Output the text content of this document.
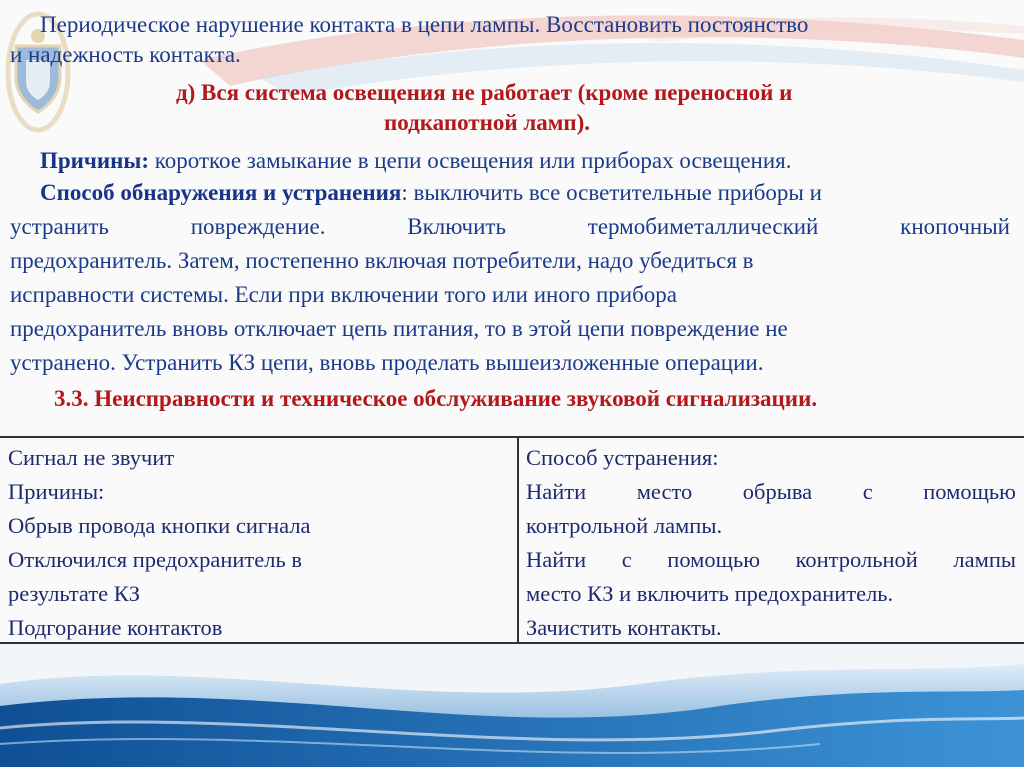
Периодическое нарушение контакта в цепи лампы. Восстановить постоянство
и надежность контакта.
д) Вся система освещения не работает (кроме переносной и
подкапотной ламп).
Причины: короткое замыкание в цепи освещения или приборах освещения.
Способ обнаружения и устранения: выключить все осветительные приборы и
устранить повреждение. Включить термобиметаллический кнопочный
предохранитель. Затем, постепенно включая потребители, надо убедиться в
исправности системы. Если при включении того или иного прибора
предохранитель вновь отключает цепь питания, то в этой цепи повреждение не
устранено. Устранить КЗ цепи, вновь проделать вышеизложенные операции.
3.3. Неисправности и техническое обслуживание звуковой сигнализации.
Сигнал не звучит
Причины:
Обрыв провода кнопки сигнала
Отключился предохранитель в
результате КЗ
Подгорание контактов
Способ устранения:
Найти место обрыва с помощью
контрольной лампы.
Найти с помощью контрольной лампы
место КЗ и включить предохранитель.
Зачистить контакты.
